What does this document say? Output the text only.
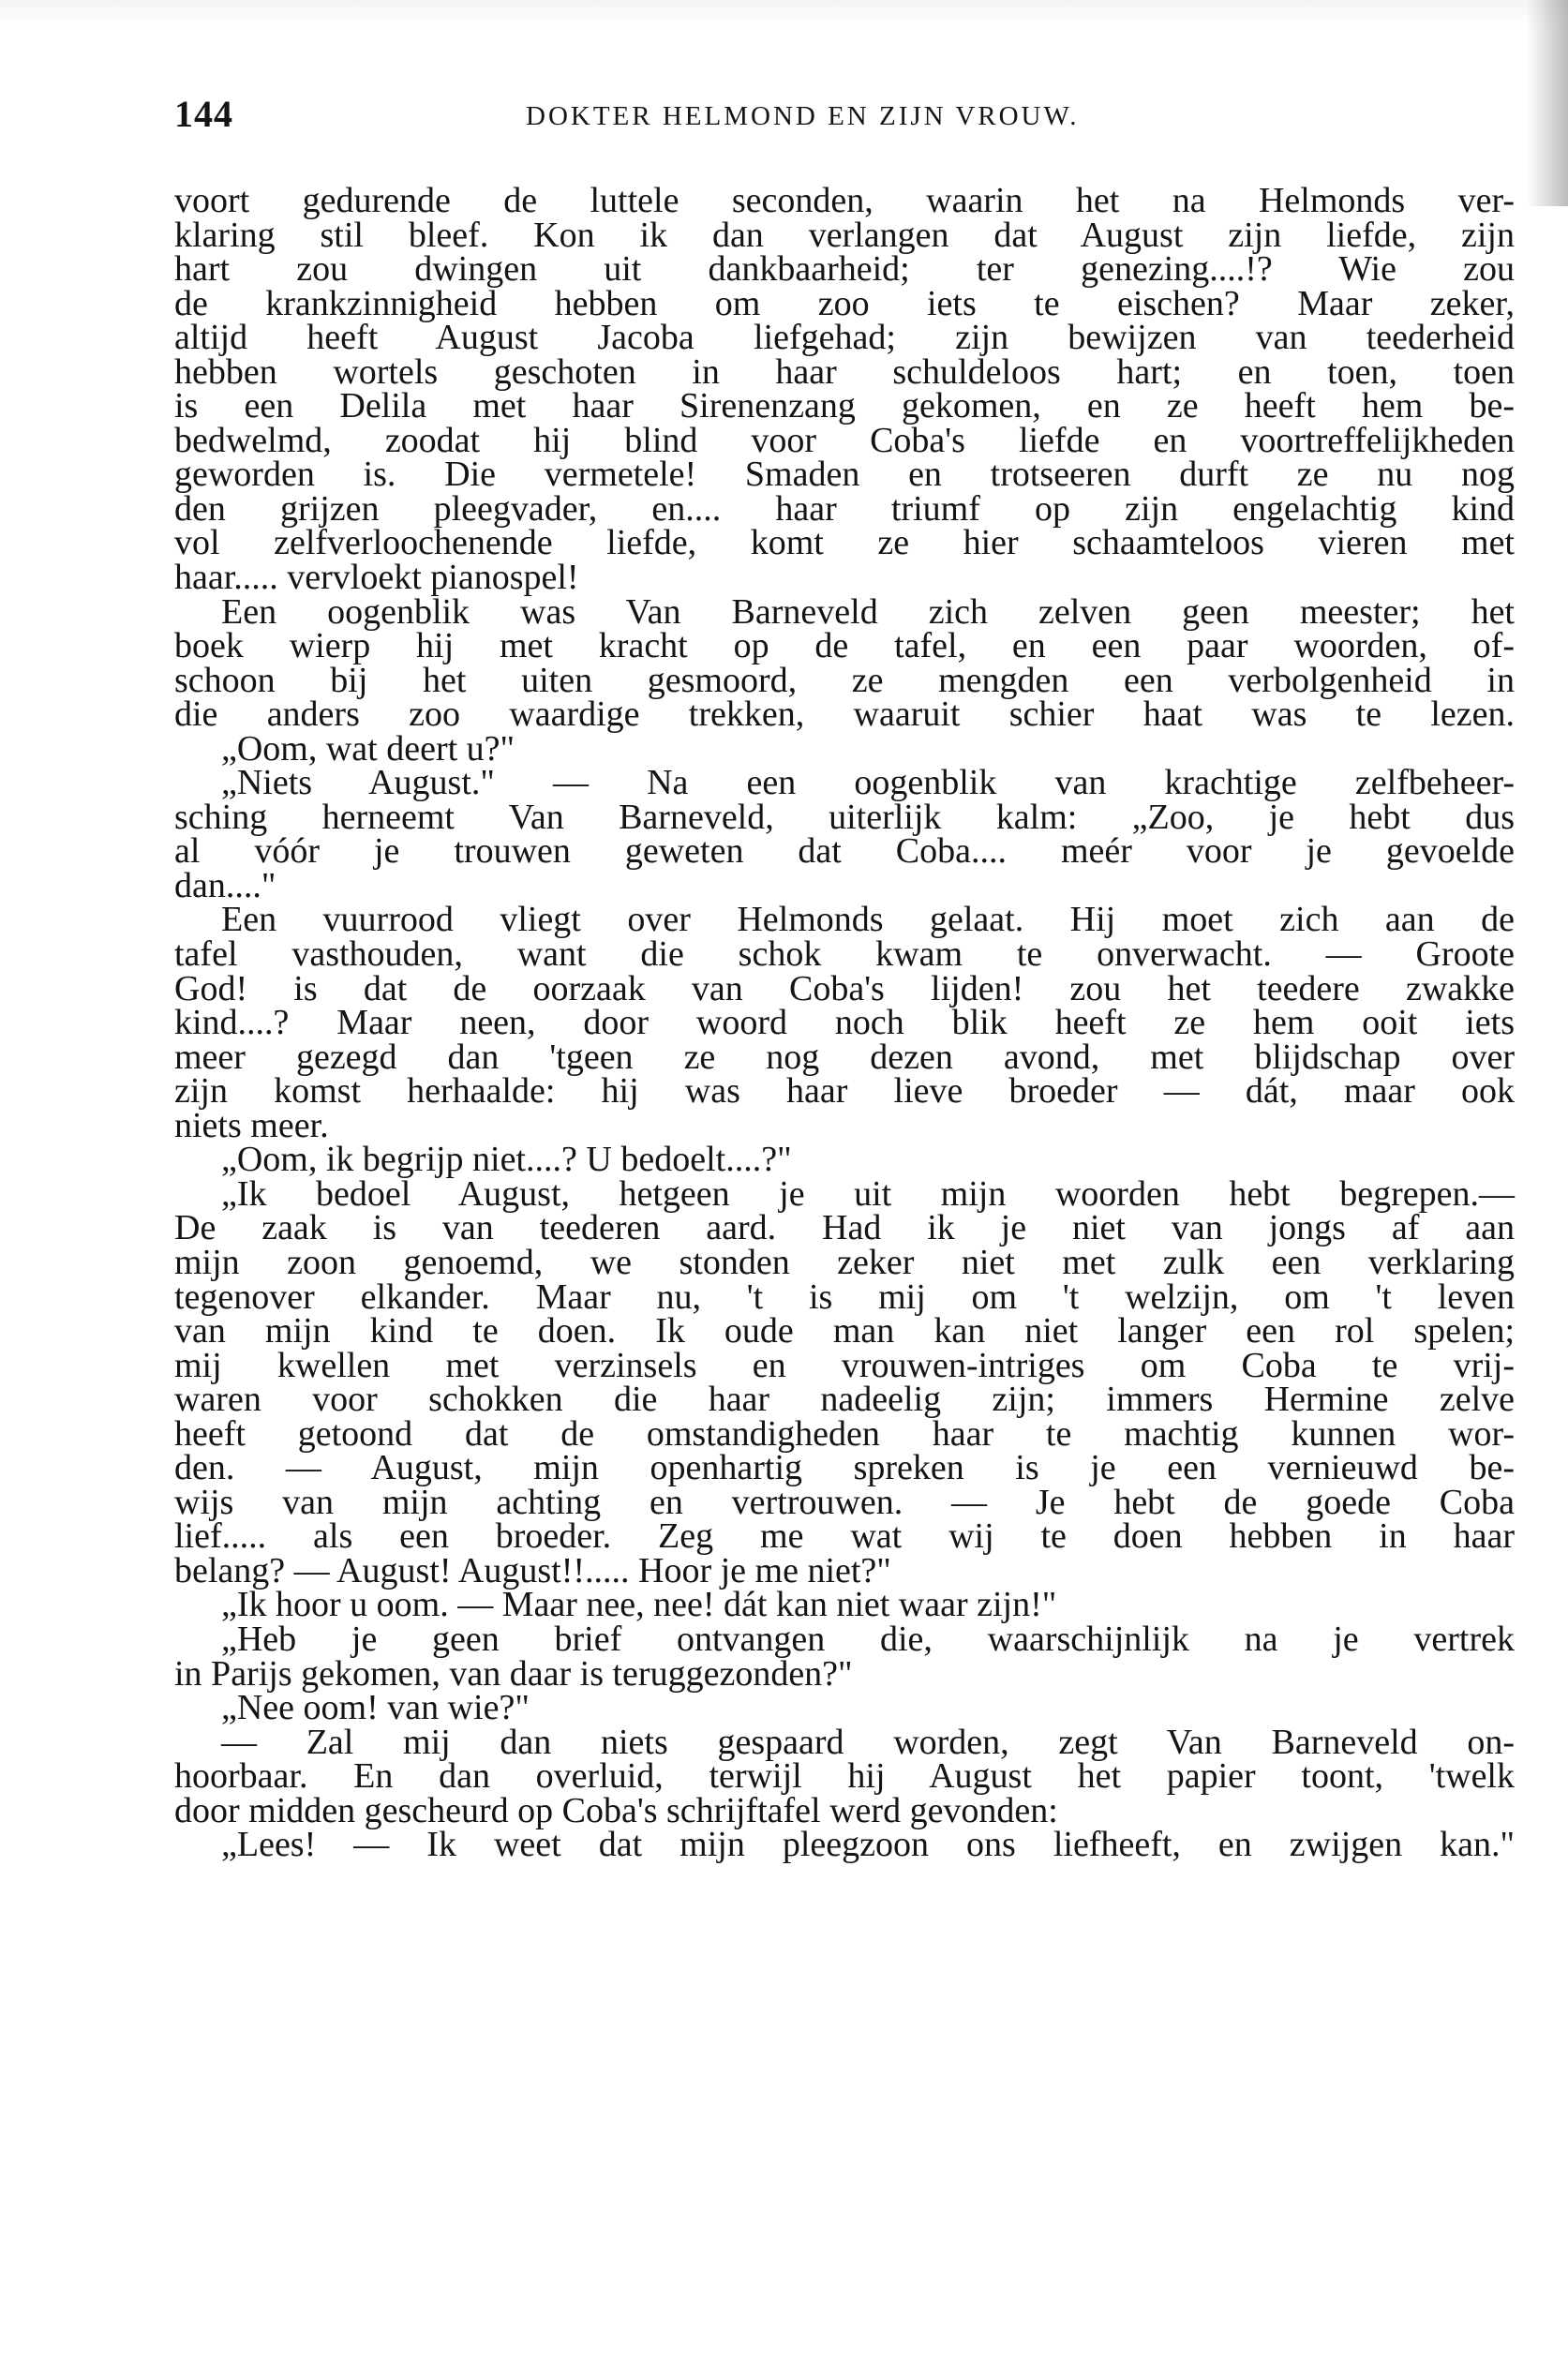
144	DOKTER HELMOND EN ZIJN VROUW.
voort gedurende de luttele seconden, waarin het na Helmonds ver-
klaring stil bleef. Kon ik dan verlangen dat August zijn liefde, zijn
hart zou dwingen uit dankbaarheid; ter genezing....!? Wie zou
de krankzinnigheid hebben om zoo iets te eischen? Maar zeker,
altijd heeft August Jacoba liefgehad; zijn bewijzen van teederheid
hebben wortels geschoten in haar schuldeloos hart; en toen, toen
is een Delila met haar Sirenenzang gekomen, en ze heeft hem be-
bedwelmd, zoodat hij blind voor Coba's liefde en voortreffelijkheden
geworden is. Die vermetele! Smaden en trotseeren durft ze nu nog
den grijzen pleegvader, en.... haar triumf op zijn engelachtig kind
vol zelfverloochenende liefde, komt ze hier schaamteloos vieren met
haar..... vervloekt pianospel!
Een oogenblik was Van Barneveld zich zelven geen meester; het
boek wierp hij met kracht op de tafel, en een paar woorden, of-
schoon bij het uiten gesmoord, ze mengden een verbolgenheid in
die anders zoo waardige trekken, waaruit schier haat was te lezen.
„Oom, wat deert u?"
„Niets August." — Na een oogenblik van krachtige zelfbeheer-
sching herneemt Van Barneveld, uiterlijk kalm: „Zoo, je hebt dus
al vóór je trouwen geweten dat Coba.... meér voor je gevoelde
dan...."
Een vuurrood vliegt over Helmonds gelaat. Hij moet zich aan de
tafel vasthouden, want die schok kwam te onverwacht. — Groote
God! is dat de oorzaak van Coba's lijden! zou het teedere zwakke
kind....? Maar neen, door woord noch blik heeft ze hem ooit iets
meer gezegd dan 'tgeen ze nog dezen avond, met blijdschap over
zijn komst herhaalde: hij was haar lieve broeder — dát, maar ook
niets meer.
„Oom, ik begrijp niet....? U bedoelt....?"
„Ik bedoel August, hetgeen je uit mijn woorden hebt begrepen.—
De zaak is van teederen aard. Had ik je niet van jongs af aan
mijn zoon genoemd, we stonden zeker niet met zulk een verklaring
tegenover elkander. Maar nu, 't is mij om 't welzijn, om 't leven
van mijn kind te doen. Ik oude man kan niet langer een rol spelen;
mij kwellen met verzinsels en vrouwen-intriges om Coba te vrij-
waren voor schokken die haar nadeelig zijn; immers Hermine zelve
heeft getoond dat de omstandigheden haar te machtig kunnen wor-
den. — August, mijn openhartig spreken is je een vernieuwd be-
wijs van mijn achting en vertrouwen. — Je hebt de goede Coba
lief..... als een broeder. Zeg me wat wij te doen hebben in haar
belang? — August! August!!..... Hoor je me niet?"
„Ik hoor u oom. — Maar nee, nee! dát kan niet waar zijn!"
„Heb je geen brief ontvangen die, waarschijnlijk na je vertrek
in Parijs gekomen, van daar is teruggezonden?"
„Nee oom! van wie?"
— Zal mij dan niets gespaard worden, zegt Van Barneveld on-
hoorbaar. En dan overluid, terwijl hij August het papier toont, 'twelk
door midden gescheurd op Coba's schrijftafel werd gevonden:
„Lees! — Ik weet dat mijn pleegzoon ons liefheeft, en zwijgen kan."
